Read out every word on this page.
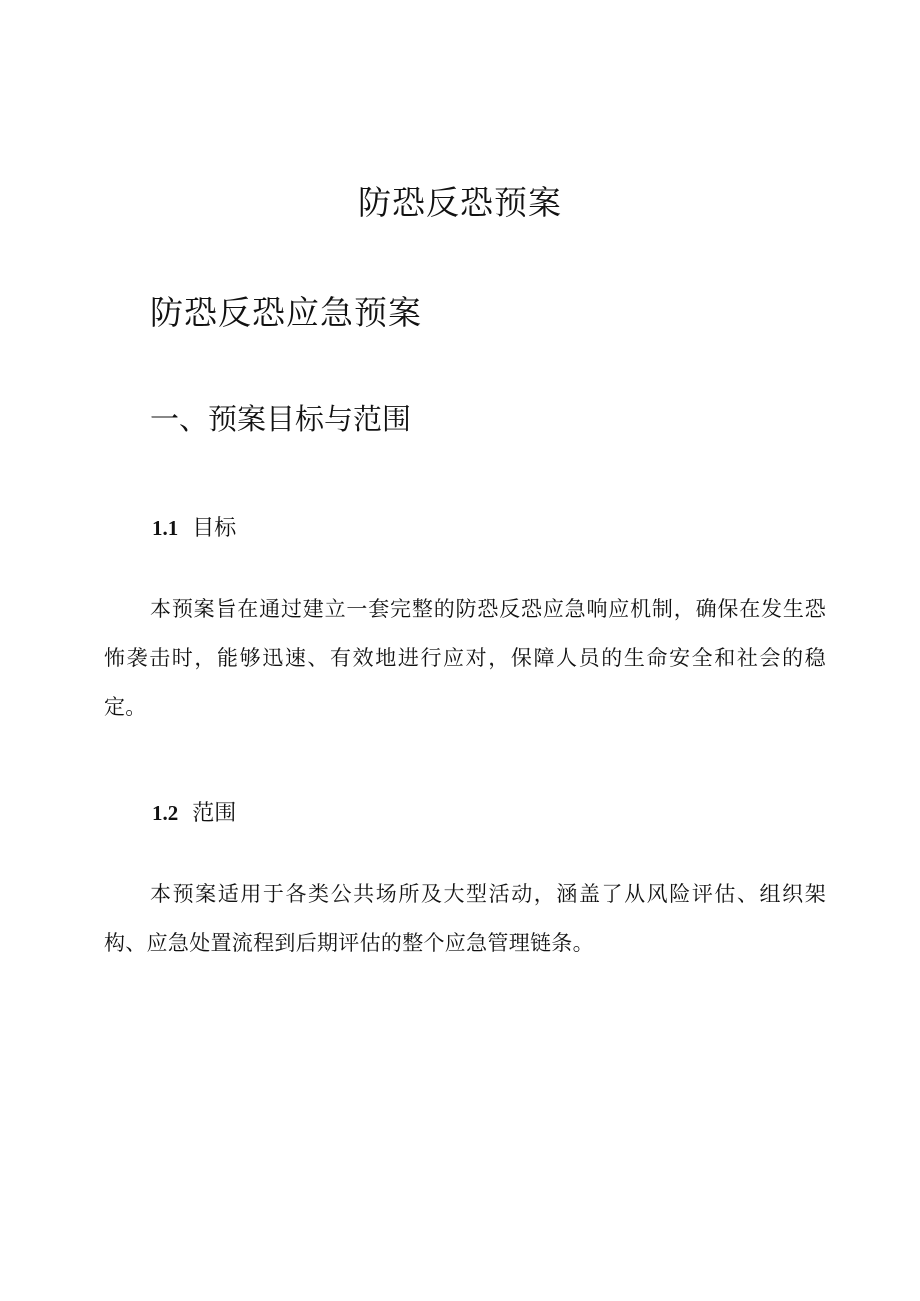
防恐反恐预案
防恐反恐应急预案
一、预案目标与范围
1.1 目标

本预案旨在通过建立一套完整的防恐反恐应急响应机制，确保在发生恐怖袭击时，能够迅速、有效地进行应对，保障人员的生命安全和社会的稳定。

1.2 范围

本预案适用于各类公共场所及大型活动，涵盖了从风险评估、组织架构、应急处置流程到后期评估的整个应急管理链条。
